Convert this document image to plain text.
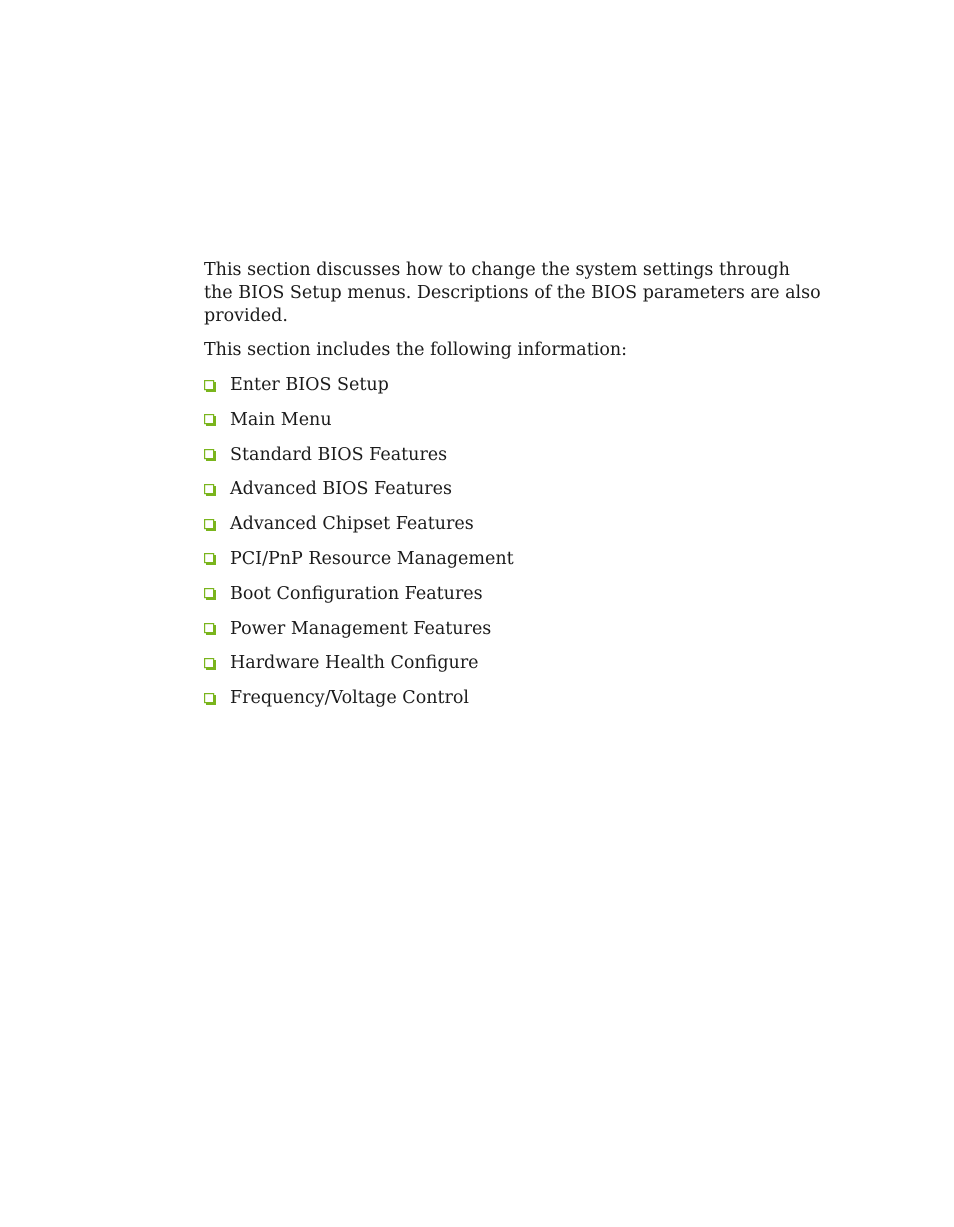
This section discusses how to change the system settings through the BIOS Setup menus. Descriptions of the BIOS parameters are also provided.

This section includes the following information:

Enter BIOS Setup
Main Menu
Standard BIOS Features
Advanced BIOS Features
Advanced Chipset Features
PCI/PnP Resource Management
Boot Configuration Features
Power Management Features
Hardware Health Configure
Frequency/Voltage Control
